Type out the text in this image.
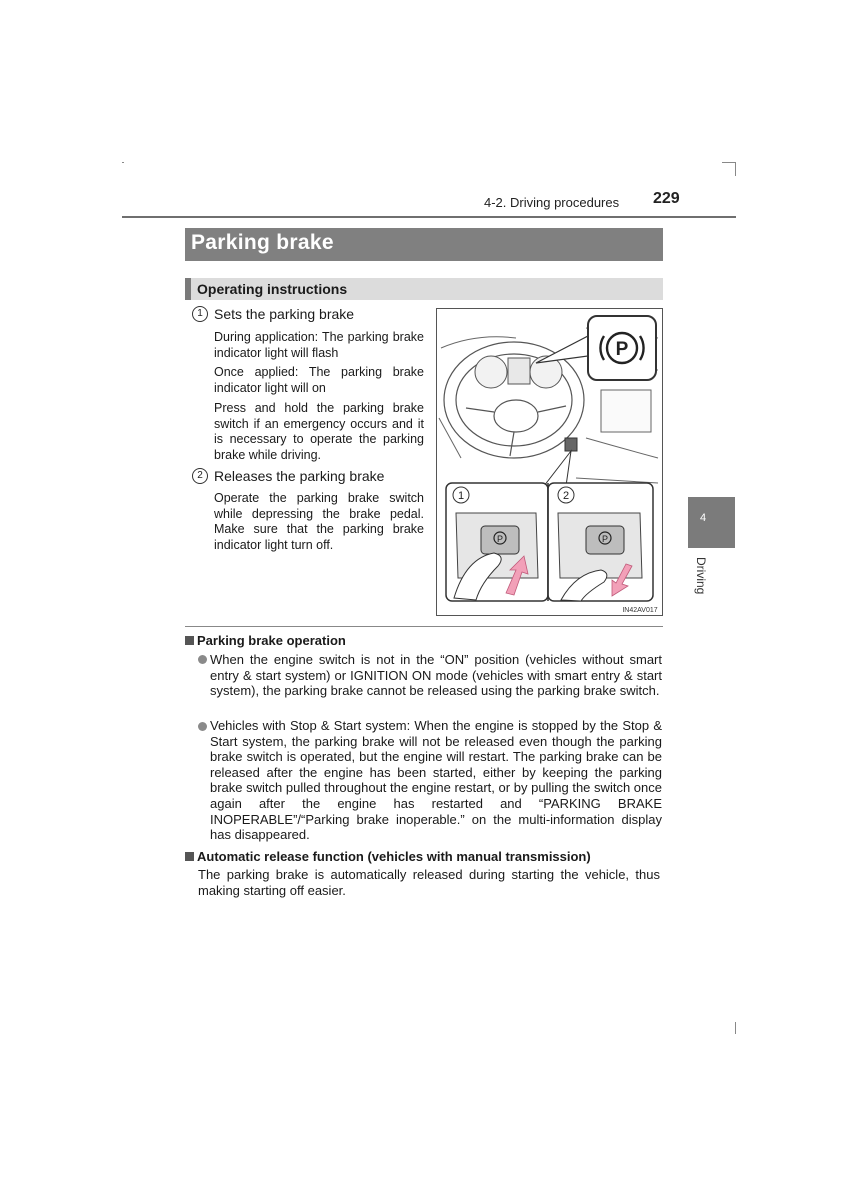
4-2. Driving procedures 229
Parking brake
Operating instructions
1 Sets the parking brake
During application: The parking brake indicator light will flash
Once applied: The parking brake indicator light will on
Press and hold the parking brake switch if an emergency occurs and it is necessary to operate the parking brake while driving.
2 Releases the parking brake
Operate the parking brake switch while depressing the brake pedal. Make sure that the parking brake indicator light turn off.
P
1	2
P	P
IN42AV017
Parking brake operation
When the engine switch is not in the “ON” position (vehicles without smart entry & start system) or IGNITION ON mode (vehicles with smart entry & start system), the parking brake cannot be released using the parking brake switch.
Vehicles with Stop & Start system: When the engine is stopped by the Stop & Start system, the parking brake will not be released even though the parking brake switch is operated, but the engine will restart. The parking brake can be released after the engine has been started, either by keeping the parking brake switch pulled throughout the engine restart, or by pulling the switch once again after the engine has restarted and “PARKING BRAKE INOPERABLE”/“Parking brake inoperable.” on the multi-information display has disappeared.
Automatic release function (vehicles with manual transmission)
The parking brake is automatically released during starting the vehicle, thus making starting off easier.
4
Driving
